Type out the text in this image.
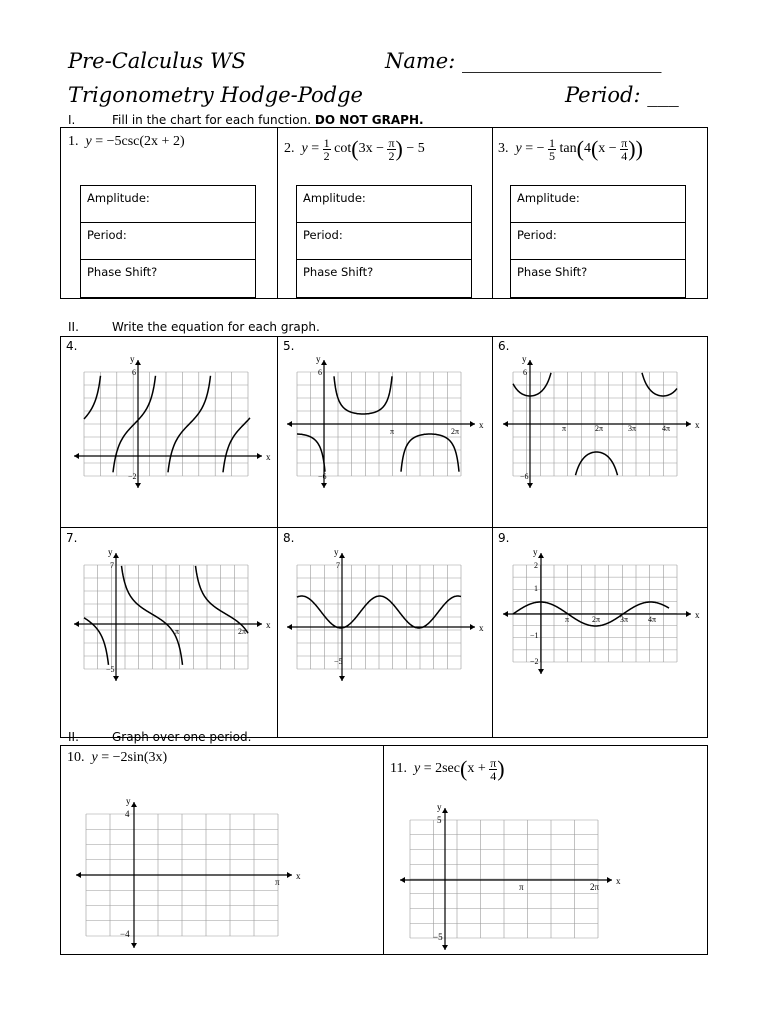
Pre-Calculus WS	Name: ___________________
Trigonometry Hodge-Podge	Period: ___
I.	Fill in the chart for each function. DO NOT GRAPH.
1. y = −5csc(2x + 2)	2. $y = \frac{1}{2} \cot(3x - \frac{\pi}{2}$ ) − 5	3. y = − $\frac{1}{5} \tan(4(x - \frac{\pi}{4}$ ))
Amplitude:
Period:
Phase Shift?
Amplitude:
Period:
Phase Shift?
Amplitude:
Period:
Phase Shift?
II.	Write the equation for each graph.
4.	5.	6.
7.	8.	9.
II.	Graph over one period.
10. y = −2sin(3x)
11. $y = 2\sec(x + \frac{\pi}{4}$ )
x
y
6
−2
x
y
6
−6
π	2π
x
y
6
−6
π	2π	3π	4π
x
y
7
−5
π	2π	x
y
7
−5
x
y
2
1
−1
−2
π	2π 3π 4π
x
y
4
−4
π	x
y
5
−5
π	2π
